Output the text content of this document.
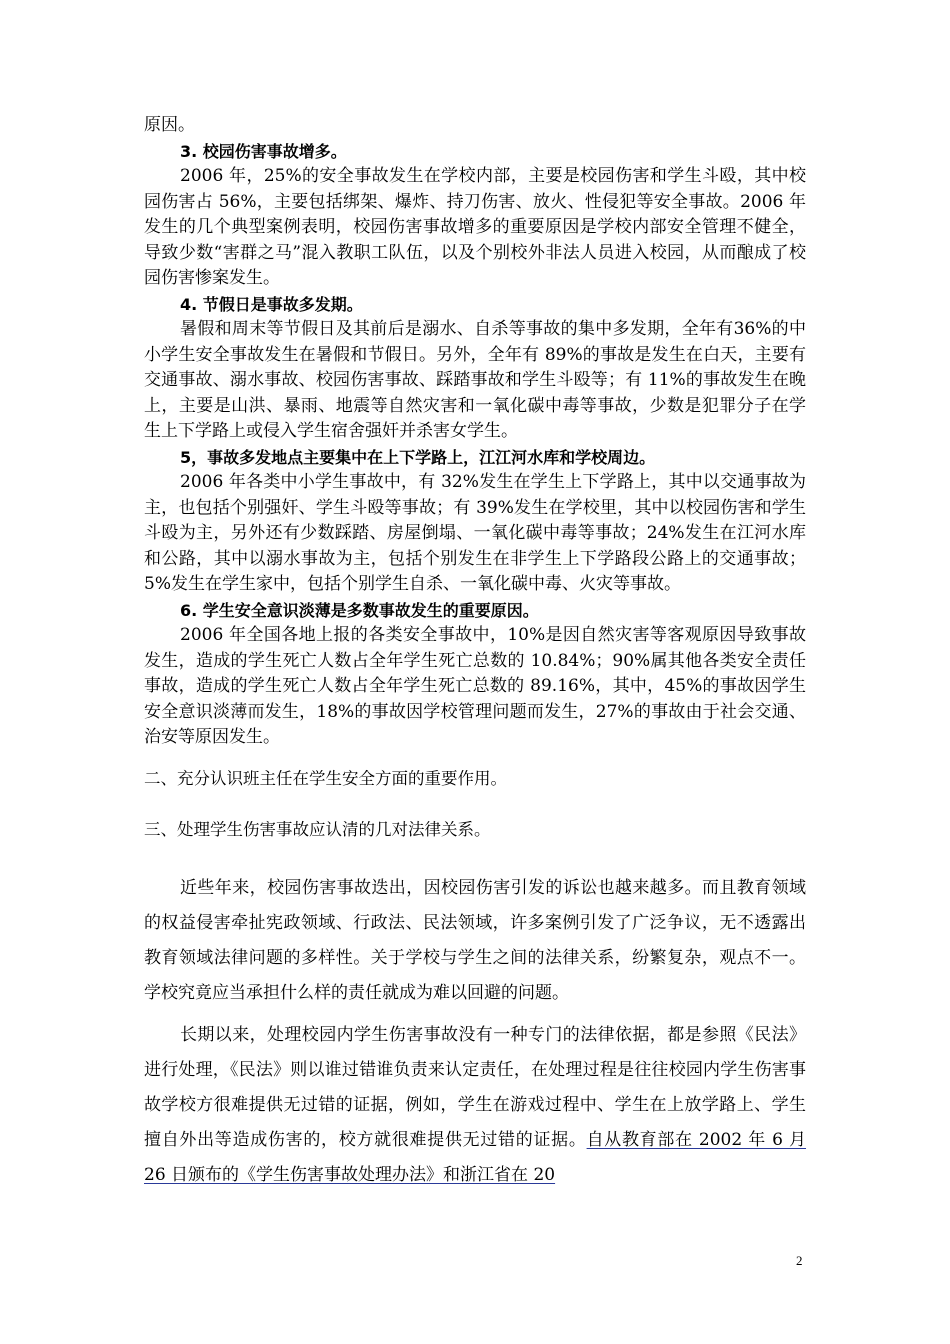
原因。

3. 校园伤害事故增多。

2006 年，25%的安全事故发生在学校内部，主要是校园伤害和学生斗殴，其中校园伤害占 56%，主要包括绑架、爆炸、持刀伤害、放火、性侵犯等安全事故。2006 年发生的几个典型案例表明，校园伤害事故增多的重要原因是学校内部安全管理不健全，导致少数“害群之马”混入教职工队伍，以及个别校外非法人员进入校园，从而酿成了校园伤害惨案发生。

4. 节假日是事故多发期。

暑假和周末等节假日及其前后是溺水、自杀等事故的集中多发期，全年有36%的中小学生安全事故发生在暑假和节假日。另外，全年有 89%的事故是发生在白天，主要有交通事故、溺水事故、校园伤害事故、踩踏事故和学生斗殴等；有 11%的事故发生在晚上，主要是山洪、暴雨、地震等自然灾害和一氧化碳中毒等事故，少数是犯罪分子在学生上下学路上或侵入学生宿舍强奸并杀害女学生。

5，事故多发地点主要集中在上下学路上，江江河水库和学校周边。

2006 年各类中小学生事故中，有 32%发生在学生上下学路上，其中以交通事故为主，也包括个别强奸、学生斗殴等事故；有 39%发生在学校里，其中以校园伤害和学生斗殴为主，另外还有少数踩踏、房屋倒塌、一氧化碳中毒等事故；24%发生在江河水库和公路，其中以溺水事故为主，包括个别发生在非学生上下学路段公路上的交通事故；5%发生在学生家中，包括个别学生自杀、一氧化碳中毒、火灾等事故。

6. 学生安全意识淡薄是多数事故发生的重要原因。

2006 年全国各地上报的各类安全事故中，10%是因自然灾害等客观原因导致事故发生，造成的学生死亡人数占全年学生死亡总数的 10.84%；90%属其他各类安全责任事故，造成的学生死亡人数占全年学生死亡总数的 89.16%，其中，45%的事故因学生安全意识淡薄而发生，18%的事故因学校管理问题而发生，27%的事故由于社会交通、治安等原因发生。

二、充分认识班主任在学生安全方面的重要作用。

三、处理学生伤害事故应认清的几对法律关系。

近些年来，校园伤害事故迭出，因校园伤害引发的诉讼也越来越多。而且教育领域的权益侵害牵扯宪政领域、行政法、民法领域，许多案例引发了广泛争议，无不透露出教育领域法律问题的多样性。关于学校与学生之间的法律关系，纷繁复杂，观点不一。学校究竟应当承担什么样的责任就成为难以回避的问题。

长期以来，处理校园内学生伤害事故没有一种专门的法律依据，都是参照《民法》进行处理，《民法》则以谁过错谁负责来认定责任，在处理过程是往往校园内学生伤害事故学校方很难提供无过错的证据，例如，学生在游戏过程中、学生在上放学路上、学生擅自外出等造成伤害的，校方就很难提供无过错的证据。自从教育部在 2002 年 6 月 26 日颁布的《学生伤害事故处理办法》和浙江省在 20

2
